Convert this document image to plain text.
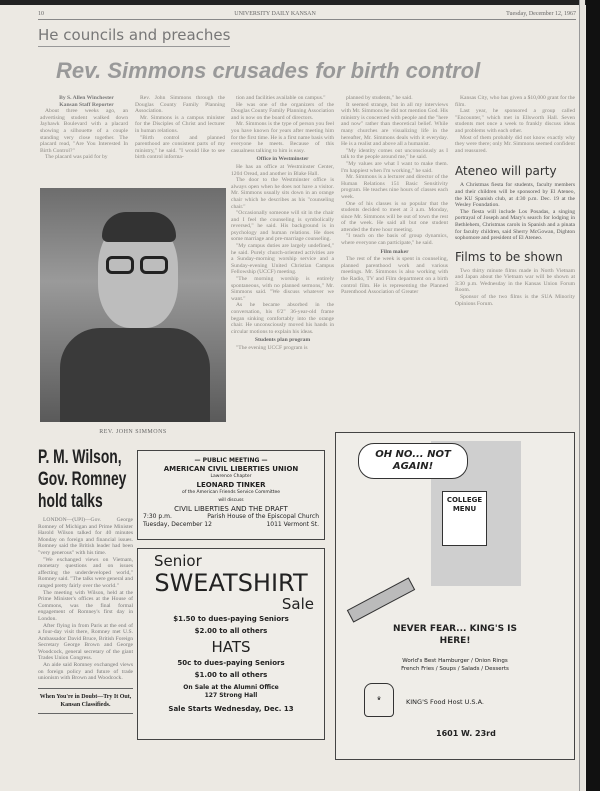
10	UNIVERSITY DAILY KANSAN	Tuesday, December 12, 1967
He councils and preaches
Rev. Simmons crusades for birth control

By S. Allen Winchester

Kansan Staff Reporter

About three weeks ago, an advertising student walked down Jayhawk Boulevard with a placard showing a silhouette of a couple standing very close together. The placard read, "Are You Interested In Birth Control?"

The placard was paid for by

Rev. John Simmons through the Douglas County Family Planning Association.

Mr. Simmons is a campus minister for the Disciples of Christ and lecturer in human relations.

"Birth control and planned parenthood are consistent parts of my ministry," he said. "I would like to see birth control informa-

REV. JOHN SIMMONS

tion and facilities available on campus."

He was one of the organizers of the Douglas County Family Planning Association and is now on the board of directors.

Mr. Simmons is the type of person you feel you have known for years after meeting him for the first time. He is a first name basis with everyone he meets. Because of this casualness talking to him is easy.

Office in Westminster

He has an office at Westminster Center, 1204 Oread, and another in Blake Hall.

The door to the Westminster office is always open when he does not have a visitor. Mr. Simmons usually sits down in an orange chair which he describes as his "counseling chair."

"Occasionally someone will sit in the chair and I feel the counseling is symbolically reversed," he said. His background is in psychology and human relations. He does some marriage and pre-marriage counseling.

"My campus duties are largely undefined," he said. Purely church-oriented activities are a Sunday-morning worship service and a Sunday-evening United Christian Campus Fellowship (UCCF) meeting.

"The morning worship is entirely spontaneous, with no planned sermons," Mr. Simmons said. "We discuss whatever we want."

As he became absorbed in the conversation, his 6'2" 36-year-old frame began sinking comfortably into the orange chair. He unconsciously moved his hands in circular motions to explain his ideas.

Students plan program

"The evening UCCF program is

planned by students," he said.

It seemed strange, but in all my interviews with Mr. Simmons he did not mention God. His ministry is concerned with people and the "here and now" rather than theoretical belief. While many churches are visualizing life in the hereafter, Mr. Simmons deals with it everyday. He is a realist and above all a humanist.

"My identity comes out unconsciously as I talk to the people around me," he said.

"My values are what I want to make them. I'm happiest when I'm working," he said.

Mr. Simmons is a lecturer and director of the Human Relations 151 Basic Sensitivity program. He teaches nine hours of classes each week.

One of his classes is so popular that the students decided to meet at 3 a.m. Monday, since Mr. Simmons will be out of town the rest of the week. He said all but one student attended the three hour meeting.

"I teach on the basis of group dynamics, where everyone can participate," he said.

Film maker

The rest of the week is spent in counseling, planned parenthood work and various meetings. Mr. Simmons is also working with the Radio, TV and Film department on a birth control film. He is representing the Planned Parenthood Association of Greater

Kansas City, who has given a $10,000 grant for the film.

Last year, he sponsored a group called "Encounter," which met in Ellsworth Hall. Seven students met once a week to frankly discuss ideas and problems with each other.

Most of them probably did not know exactly why they were there; only Mr. Simmons seemed confident and reassured.

Ateneo will party

A Christmas fiesta for students, faculty members and their children will be sponsored by El Ateneo, the KU Spanish club, at 4:30 p.m. Dec. 19 at the Wesley Foundation.

The fiesta will include Los Posadas, a singing portrayal of Joseph and Mary's search for lodging in Bethlehem, Christmas carols in Spanish and a pinata for faculty children, said Sherry McGowan, Dighton sophomore and president of El Ateneo.

Films to be shown

Two thirty minute films made in North Vietnam and Japan about the Vietnam war will be shown at 3:30 p.m. Wednesday in the Kansas Union Forum Room.

Sponsor of the two films is the SUA Minority Opinions Forum.

P. M. Wilson, Gov. Romney hold talks

LONDON—(UPI)—Gov. George Romney of Michigan and Prime Minister Harold Wilson talked for 40 minutes Monday on foreign and financial issues. Romney said the British leader had been "very generous" with his time.

"We exchanged views on Vietnam, monetary questions and on issues affecting the underdeveloped world," Romney said. "The talks were general and ranged pretty fairly over the world."

The meeting with Wilson, held at the Prime Minister's offices at the House of Commons, was the final formal engagement of Romney's first day in London.

After flying in from Paris at the end of a four-day visit there, Romney met U.S. Ambassador David Bruce, British Foreign Secretary George Brown and George Woodcock, general secretary of the giant Trades Union Congress.

An aide said Romney exchanged views on foreign policy and future of trade unionism with Brown and Woodcock.

When You're in Doubt—Try It Out, Kansan Classifieds.
— PUBLIC MEETING —
AMERICAN CIVIL LIBERTIES UNION
Lawrence Chapter
LEONARD TINKER
of the American Friends Service Committee
will discuss
CIVIL LIBERTIES AND THE DRAFT
7:30 p.m.	Parish House of the Episcopal Church
Tuesday, December 12	1011 Vermont St.
Senior
SWEATSHIRT
Sale
$1.50 to dues-paying Seniors
$2.00 to all others
HATS
50c to dues-paying Seniors
$1.00 to all others
On Sale at the Alumni Office
127 Strong Hall
Sale Starts Wednesday, Dec. 13
COLLEGE MENU
OH NO... NOT AGAIN!
NEVER FEAR... KING'S IS HERE!
World's Best Hamburger / Onion Rings
French Fries / Soups / Salads / Desserts
♛	KING'S Food Host U.S.A.
1601 W. 23rd
